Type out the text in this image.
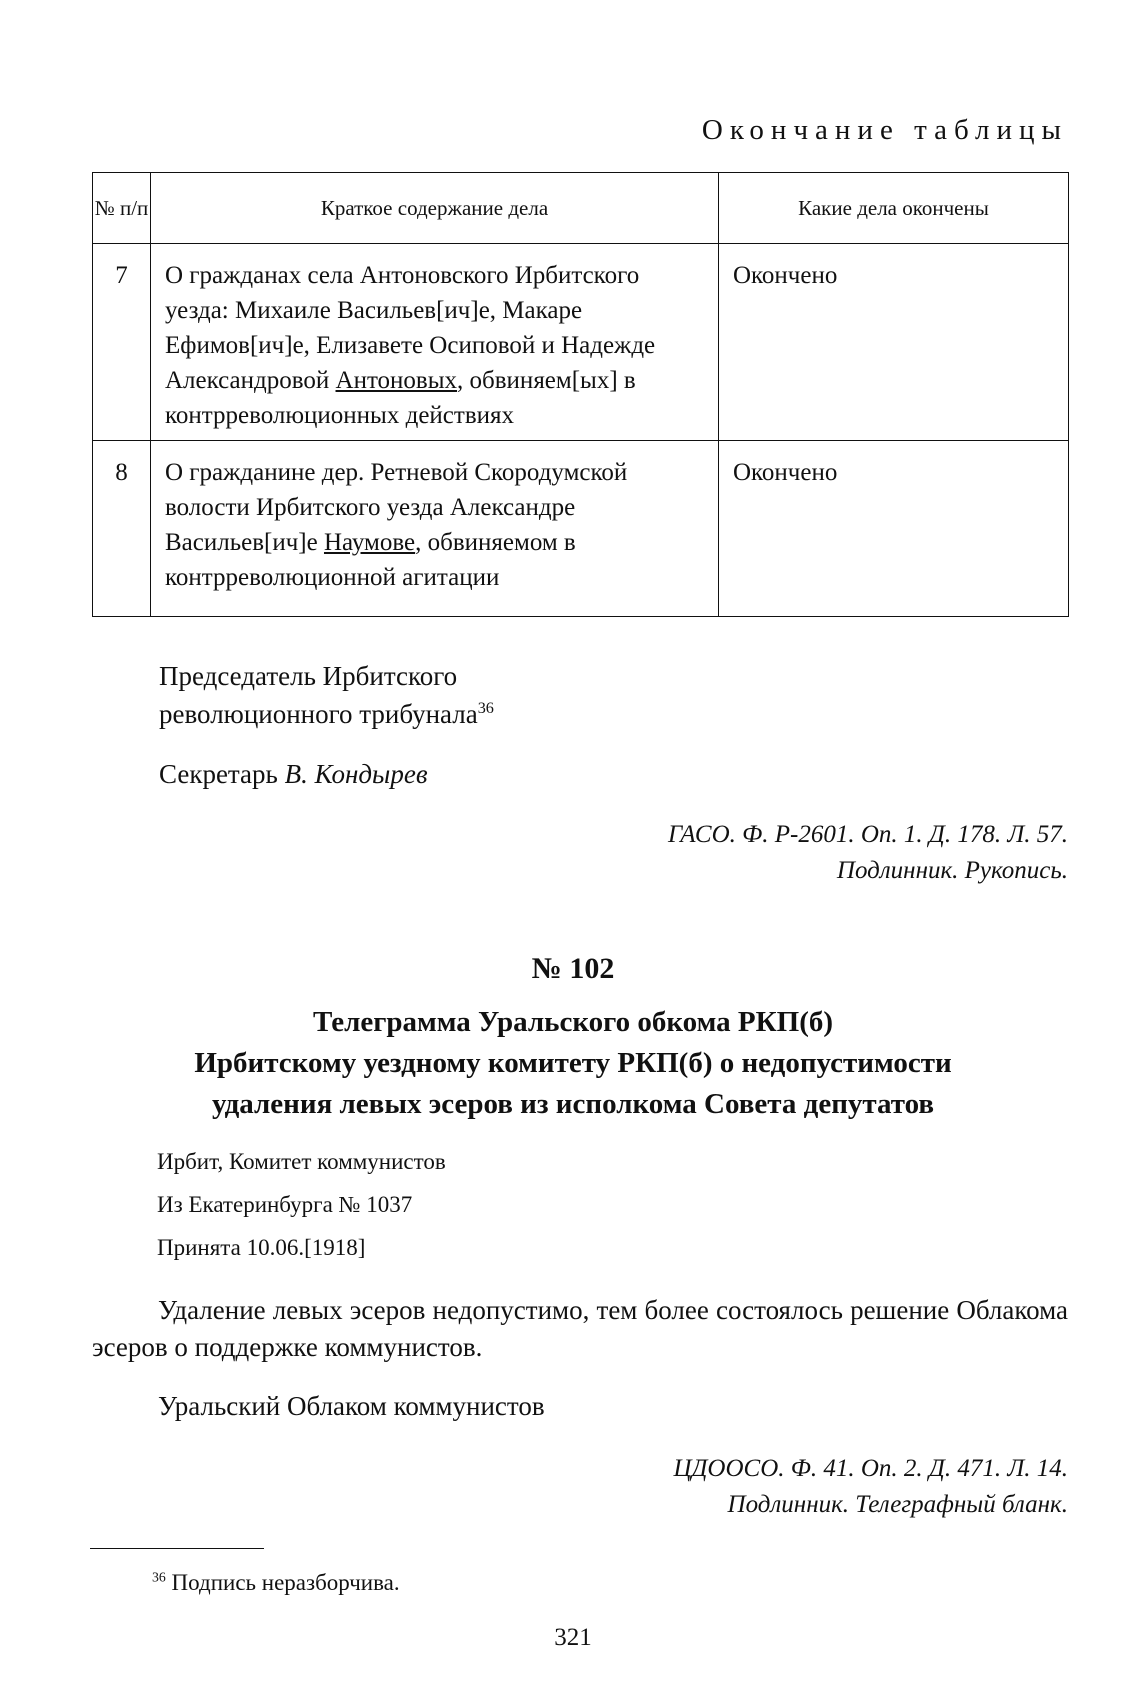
Окончание таблицы
№ п/п	Краткое содержание дела	Какие дела окончены
7	О гражданах села Антоновского Ирбитского уезда: Михаиле Васильев[ич]е, Макаре Ефимов[ич]е, Елизавете Осиповой и Надежде Александровой Антоновых, обвиняем[ых] в контрреволюционных действиях	Окончено
8	О гражданине дер. Ретневой Скородумской волости Ирбитского уезда Александре Васильев[ич]е Наумове, обвиняемом в контрреволюционной агитации	Окончено
Председатель Ирбитского
революционного трибунала$^{36}$
Секретарь В. Кондырев
ГАСО. Ф. Р-2601. Оп. 1. Д. 178. Л. 57.
Подлинник. Рукопись.
№ 102
Телеграмма Уральского обкома РКП(б)
Ирбитскому уездному комитету РКП(б) о недопустимости
удаления левых эсеров из исполкома Совета депутатов
Ирбит, Комитет коммунистов
Из Екатеринбурга № 1037
Принята 10.06.[1918]
Удаление левых эсеров недопустимо, тем более состоялось решение Облакома эсеров о поддержке коммунистов.
Уральский Облаком коммунистов
ЦДООСО. Ф. 41. Оп. 2. Д. 471. Л. 14.
Подлинник. Телеграфный бланк.
$^{36}$ Подпись неразборчива.
321
